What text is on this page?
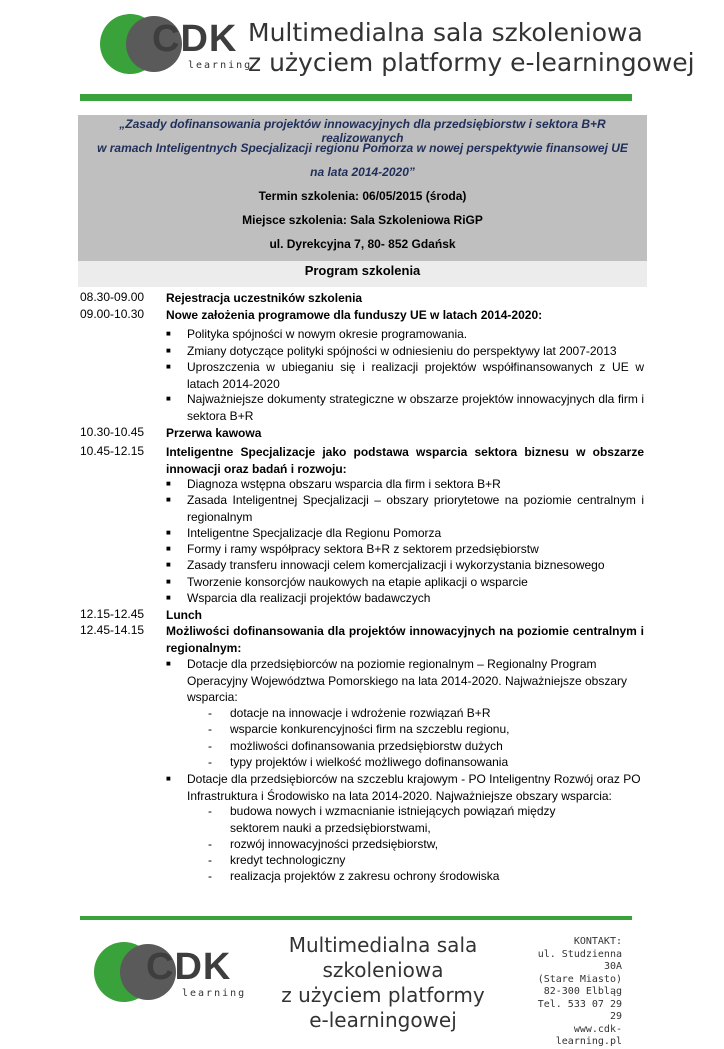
CDK
learning
Multimedialna sala szkoleniowa
z użyciem platformy e-learningowej
„Zasady dofinansowania projektów innowacyjnych dla przedsiębiorstw i sektora B+R realizowanych
w ramach Inteligentnych Specjalizacji regionu Pomorza w nowej perspektywie finansowej UE
na lata 2014-2020”
Termin szkolenia: 06/05/2015 (środa)
Miejsce szkolenia: Sala Szkoleniowa RiGP
ul. Dyrekcyjna 7, 80- 852 Gdańsk
Program szkolenia
08.30-09.00 Rejestracja uczestników szkolenia
09.00-10.30 Nowe założenia programowe dla funduszy UE w latach 2014-2020:
■ Polityka spójności w nowym okresie programowania.
■ Zmiany dotyczące polityki spójności w odniesieniu do perspektywy lat 2007-2013
■ Uproszczenia w ubieganiu się i realizacji projektów współfinansowanych z UE w latach 2014-2020
■ Najważniejsze dokumenty strategiczne w obszarze projektów innowacyjnych dla firm i sektora B+R
10.30-10.45 Przerwa kawowa
10.45-12.15 Inteligentne Specjalizacje jako podstawa wsparcia sektora biznesu w obszarze innowacji oraz badań i rozwoju:
■ Diagnoza wstępna obszaru wsparcia dla firm i sektora B+R
■ Zasada Inteligentnej Specjalizacji – obszary priorytetowe na poziomie centralnym i regionalnym
■ Inteligentne Specjalizacje dla Regionu Pomorza
■ Formy i ramy współpracy sektora B+R z sektorem przedsiębiorstw
■ Zasady transferu innowacji celem komercjalizacji i wykorzystania biznesowego
■ Tworzenie konsorcjów naukowych na etapie aplikacji o wsparcie
■ Wsparcia dla realizacji projektów badawczych
12.15-12.45 Lunch
12.45-14.15 Możliwości dofinansowania dla projektów innowacyjnych na poziomie centralnym i regionalnym:
■ Dotacje dla przedsiębiorców na poziomie regionalnym – Regionalny Program Operacyjny Województwa Pomorskiego na lata 2014-2020. Najważniejsze obszary wsparcia:
- dotacje na innowacje i wdrożenie rozwiązań B+R
- wsparcie konkurencyjności firm na szczeblu regionu,
- możliwości dofinansowania przedsiębiorstw dużych
- typy projektów i wielkość możliwego dofinansowania
■ Dotacje dla przedsiębiorców na szczeblu krajowym - PO Inteligentny Rozwój oraz PO Infrastruktura i Środowisko na lata 2014-2020. Najważniejsze obszary wsparcia:
- budowa nowych i wzmacnianie istniejących powiązań między sektorem nauki a przedsiębiorstwami,
- rozwój innowacyjności przedsiębiorstw,
- kredyt technologiczny
- realizacja projektów z zakresu ochrony środowiska
CDK
learning
Multimedialna sala szkoleniowa
z użyciem platformy
e-learningowej
KONTAKT:
ul. Studzienna 30A
(Stare Miasto)
82-300 Elbląg
Tel. 533 07 29 29
www.cdk-learning.pl
